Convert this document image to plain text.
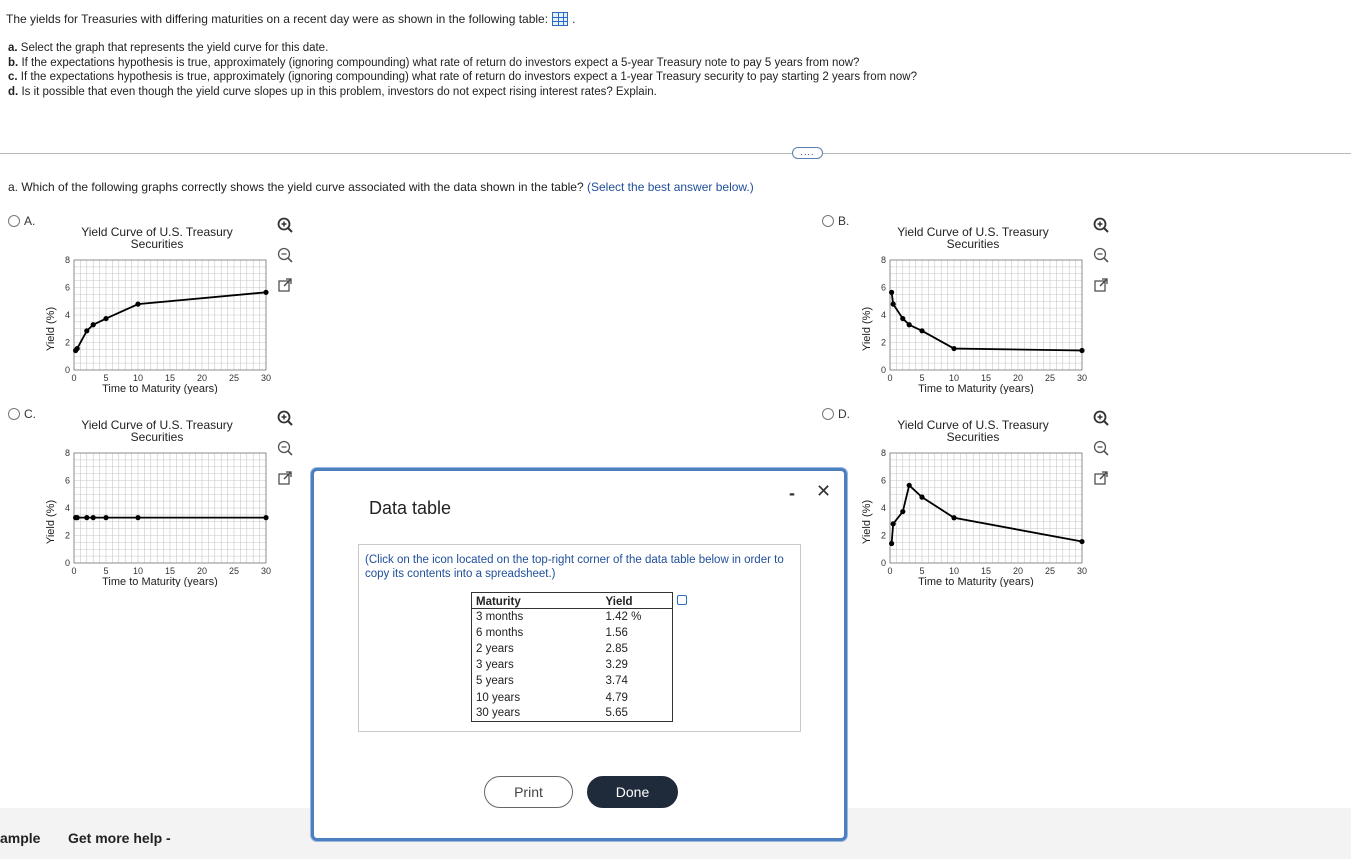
The yields for Treasuries with differing maturities on a recent day were as shown in the following table: .
a. Select the graph that represents the yield curve for this date.
b. If the expectations hypothesis is true, approximately (ignoring compounding) what rate of return do investors expect a 5-year Treasury note to pay 5 years from now?
c. If the expectations hypothesis is true, approximately (ignoring compounding) what rate of return do investors expect a 1-year Treasury security to pay starting 2 years from now?
d. Is it possible that even though the yield curve slopes up in this problem, investors do not expect rising interest rates? Explain.
....
a. Which of the following graphs correctly shows the yield curve associated with the data shown in the table? (Select the best answer below.)
A.	B.
C.	D.
Yield Curve of U.S. Treasury
Securities
0	5	10 15 20 25 30
0
2
4
6
8
Time to Maturity (years)
Yield (%)
Yield Curve of U.S. Treasury
Securities
0	5	10 15 20 25 30
0
2
4
6
8
Time to Maturity (years)
Yield (%)
Yield Curve of U.S. Treasury
Securities
0	5	10 15 20 25 30
0
2
4
6
8
Time to Maturity (years)
Yield (%)
Yield Curve of U.S. Treasury
Securities
0	5	10 15 20 25 30
0
2
4
6
8
Time to Maturity (years)
Yield (%)
ample Get more help -
Data table
- ✕
(Click on the icon located on the top-right corner of the data table below in order to copy its contents into a spreadsheet.)
Maturity	Yield
3 months	1.42 %
6 months	1.56
2 years	2.85
3 years	3.29
5 years	3.74
10 years	4.79
30 years	5.65
Print	Done
